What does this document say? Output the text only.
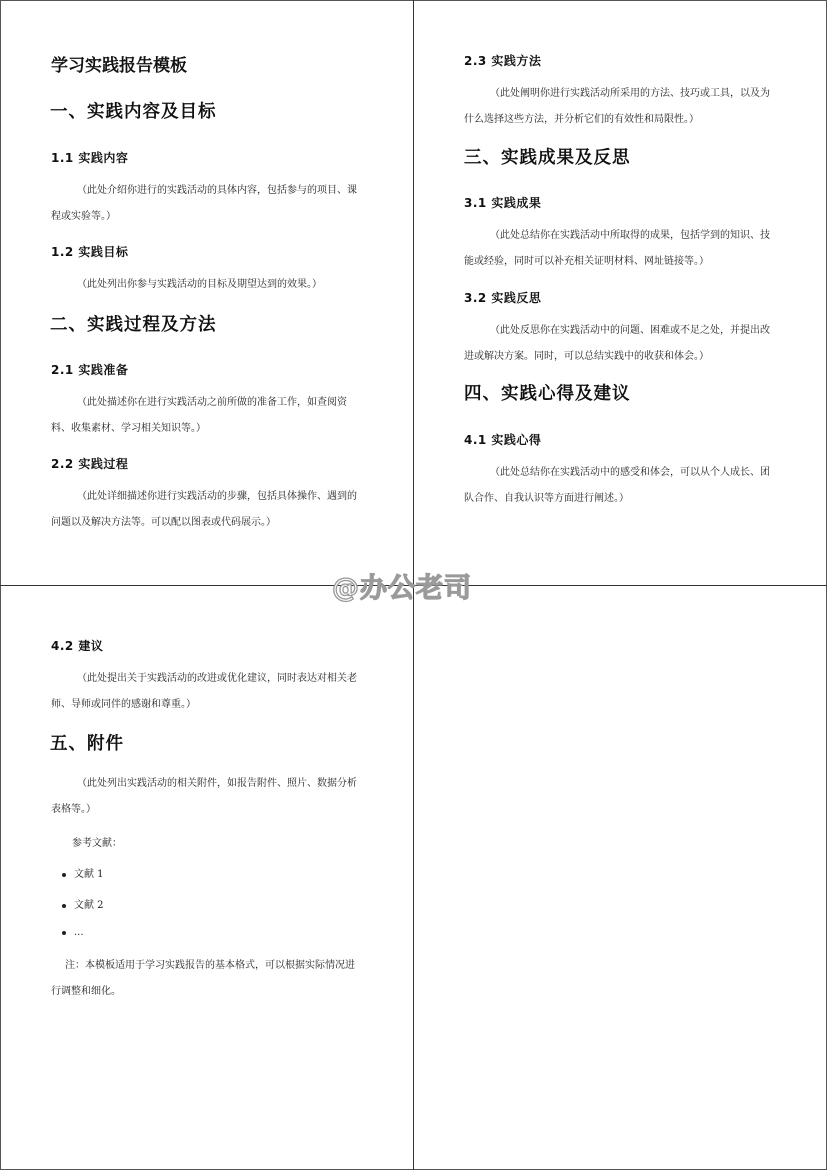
学习实践报告模板
一、实践内容及目标
1.1 实践内容
（此处介绍你进行的实践活动的具体内容，包括参与的项目、课程或实验等。）
1.2 实践目标
（此处列出你参与实践活动的目标及期望达到的效果。）
二、实践过程及方法
2.1 实践准备
（此处描述你在进行实践活动之前所做的准备工作，如查阅资料、收集素材、学习相关知识等。）
2.2 实践过程
（此处详细描述你进行实践活动的步骤，包括具体操作、遇到的问题以及解决方法等。可以配以图表或代码展示。）
2.3 实践方法
（此处阐明你进行实践活动所采用的方法、技巧或工具，以及为什么选择这些方法，并分析它们的有效性和局限性。）
三、实践成果及反思
3.1 实践成果
（此处总结你在实践活动中所取得的成果，包括学到的知识、技能或经验，同时可以补充相关证明材料、网址链接等。）
3.2 实践反思
（此处反思你在实践活动中的问题、困难或不足之处，并提出改进或解决方案。同时，可以总结实践中的收获和体会。）
四、实践心得及建议
4.1 实践心得
（此处总结你在实践活动中的感受和体会，可以从个人成长、团队合作、自我认识等方面进行阐述。）
4.2 建议
（此处提出关于实践活动的改进或优化建议，同时表达对相关老师、导师或同伴的感谢和尊重。）
五、附件
（此处列出实践活动的相关附件，如报告附件、照片、数据分析表格等。）
参考文献：
文献 1
文献 2
...
注：本模板适用于学习实践报告的基本格式，可以根据实际情况进行调整和细化。
@办公老司
